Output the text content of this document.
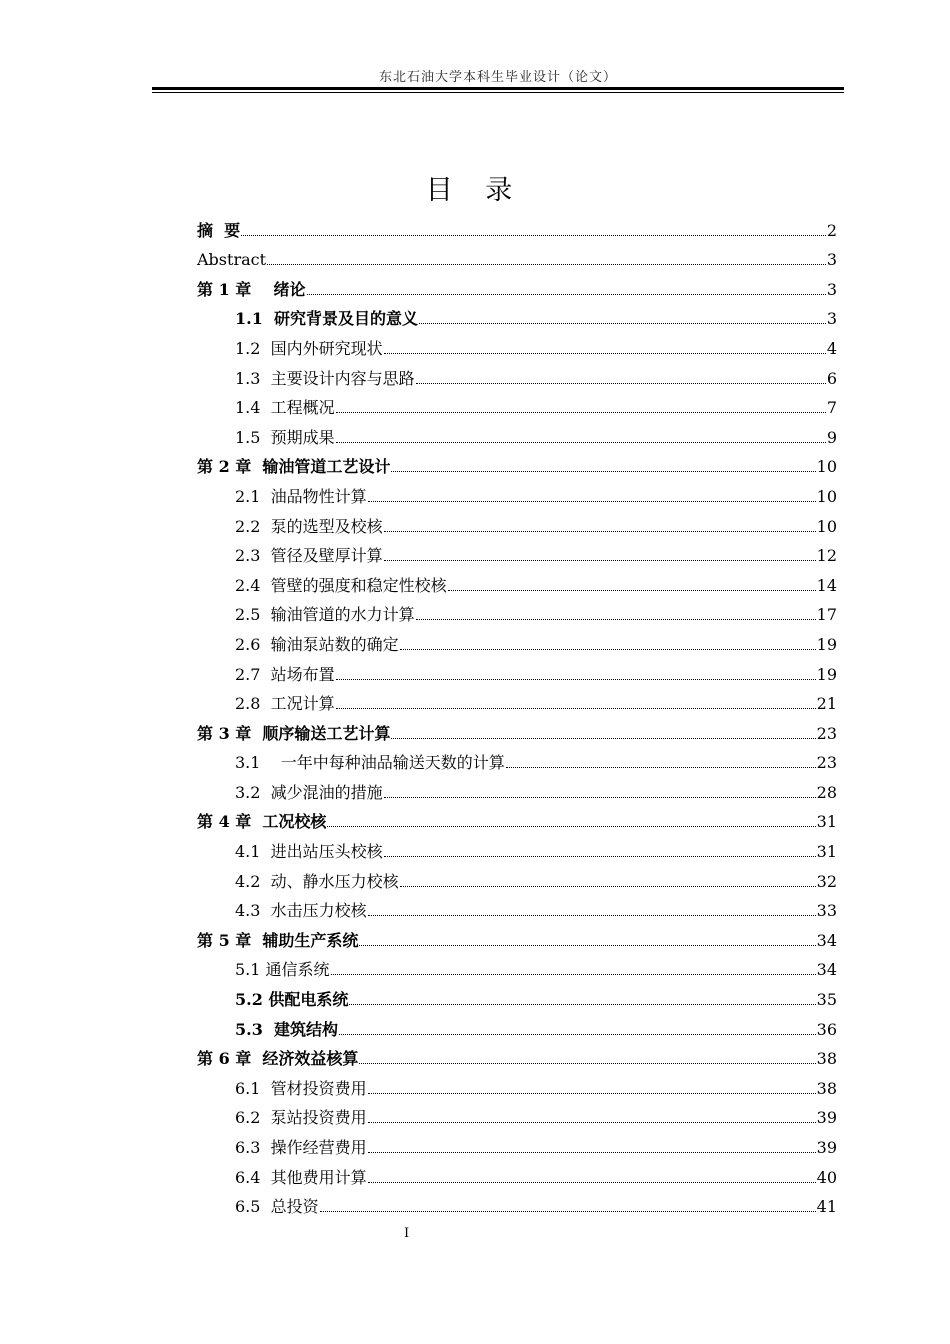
东北石油大学本科生毕业设计（论文）
目 录
摘  要	2
Abstract	3
第 1 章    绪论	3
1.1  研究背景及目的意义	3
1.2  国内外研究现状	4
1.3  主要设计内容与思路	6
1.4  工程概况	7
1.5  预期成果	9
第 2 章  输油管道工艺设计	10
2.1  油品物性计算	10
2.2  泵的选型及校核	10
2.3  管径及壁厚计算	12
2.4  管壁的强度和稳定性校核	14
2.5  输油管道的水力计算	17
2.6  输油泵站数的确定	19
2.7  站场布置	19
2.8  工况计算	21
第 3 章  顺序输送工艺计算	23
3.1    一年中每种油品输送天数的计算	23
3.2  减少混油的措施	28
第 4 章  工况校核	31
4.1  进出站压头校核	31
4.2  动、静水压力校核	32
4.3  水击压力校核	33
第 5 章  辅助生产系统	34
5.1 通信系统	34
5.2 供配电系统	35
5.3  建筑结构	36
第 6 章  经济效益核算	38
6.1  管材投资费用	38
6.2  泵站投资费用	39
6.3  操作经营费用	39
6.4  其他费用计算	40
6.5  总投资	41
I
